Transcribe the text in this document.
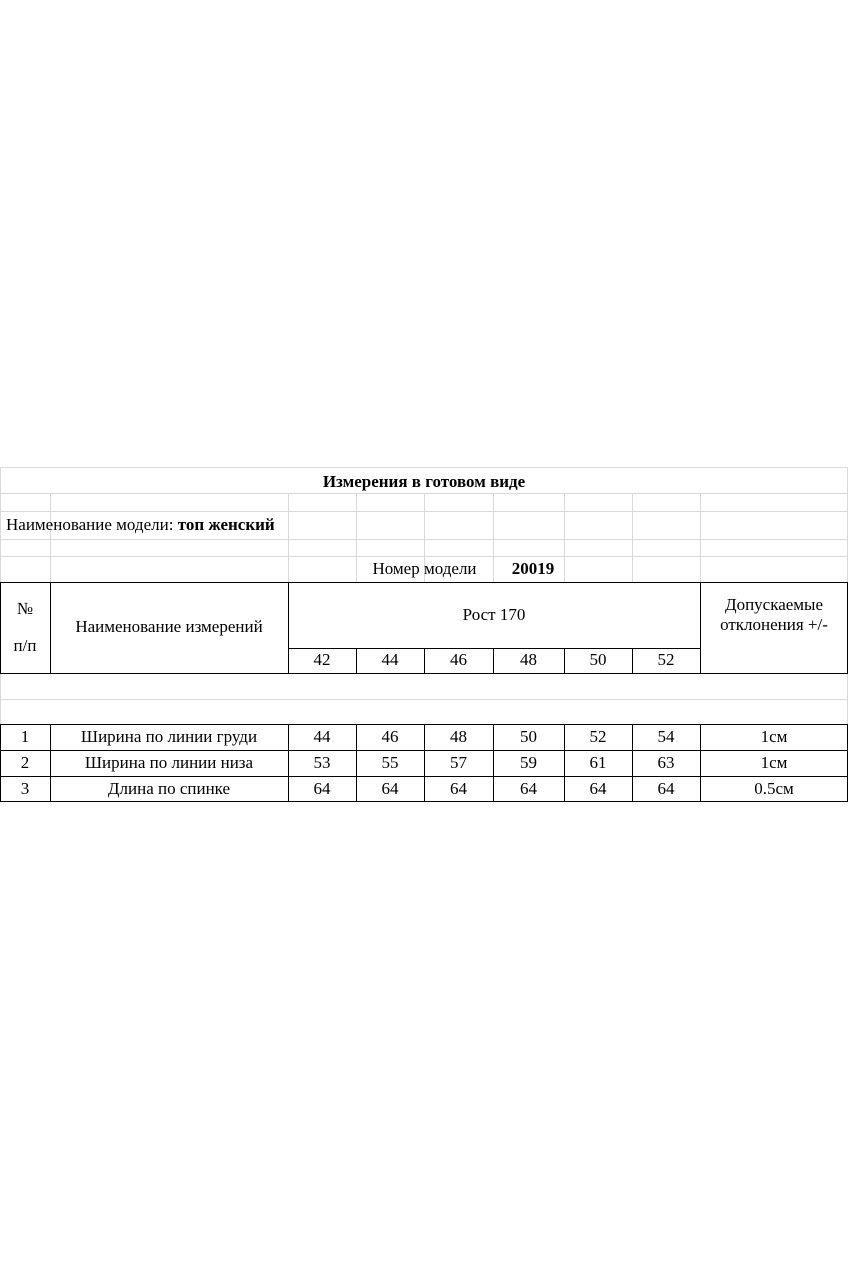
Измерения в готовом виде
Наименование модели:
топ женский
Номер модели	20019
№
п/п
Наименование измерений
Рост 170
Допускаемые
отклонения +/-
42	44	46	48	50	52
1	Ширина по линии груди	44	46	48	50	52	54	1см
2	Ширина по линии низа	53	55	57	59	61	63	1см
3	Длина по спинке	64	64	64	64	64	64	0.5см
